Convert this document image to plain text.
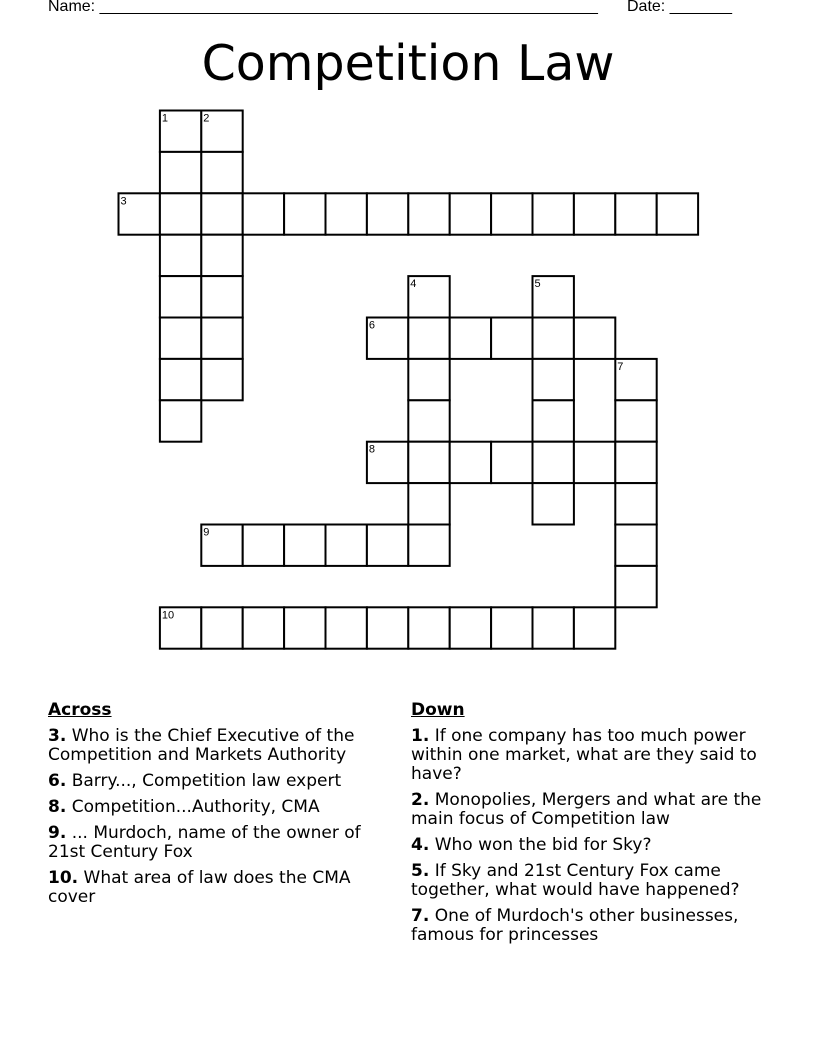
Name: ________________________________________________________ Date: _______
Competition Law
1	2
3
4	5
6
7
8
9
10
Across
3. Who is the Chief Executive of the Competition and Markets Authority
6. Barry..., Competition law expert
8. Competition...Authority, CMA
9. ... Murdoch, name of the owner of 21st Century Fox
10. What area of law does the CMA cover
Down
1. If one company has too much power within one market, what are they said to have?
2. Monopolies, Mergers and what are the main focus of Competition law
4. Who won the bid for Sky?
5. If Sky and 21st Century Fox came together, what would have happened?
7. One of Murdoch's other businesses, famous for princesses
